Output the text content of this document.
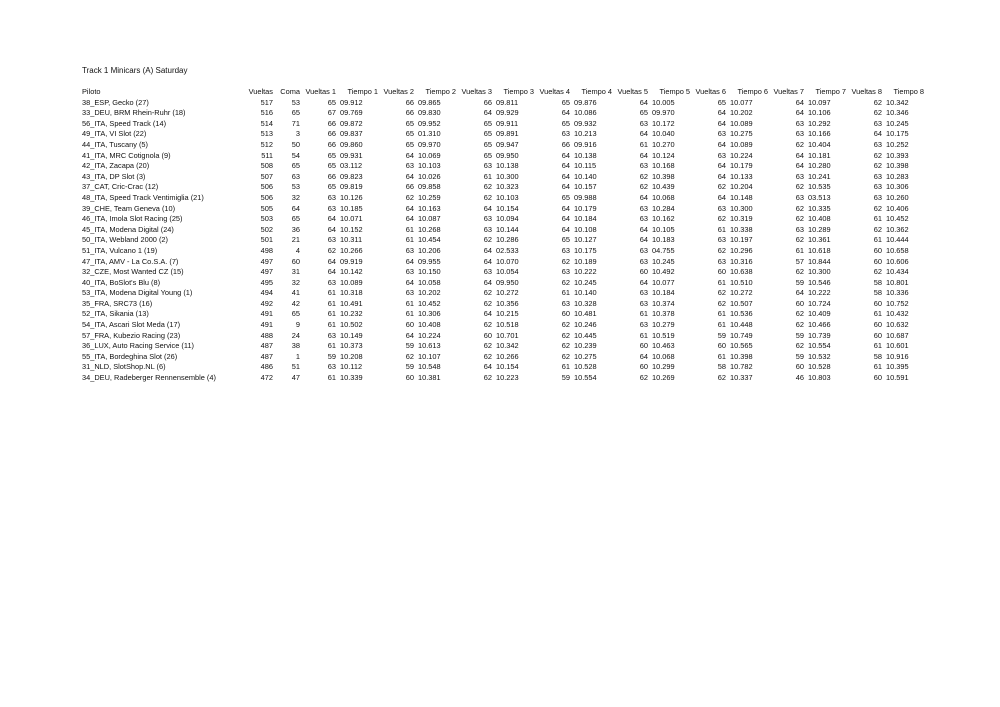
Track 1 Minicars (A) Saturday
Piloto	Vueltas	Coma	Vueltas 1	Tiempo 1	Vueltas 2	Tiempo 2	Vueltas 3	Tiempo 3	Vueltas 4	Tiempo 4	Vueltas 5	Tiempo 5	Vueltas 6	Tiempo 6	Vueltas 7	Tiempo 7	Vueltas 8	Tiempo 8
38_ESP, Gecko (27)	517	53	65	09.912	66	09.865	66	09.811	65	09.876	64	10.005	65	10.077	64	10.097	62	10.342
33_DEU, BRM Rhein-Ruhr (18)	516	65	67	09.769	66	09.830	64	09.929	64	10.086	65	09.970	64	10.202	64	10.106	62	10.346
56_ITA, Speed Track (14)	514	71	66	09.872	65	09.952	65	09.911	65	09.932	63	10.172	64	10.089	63	10.292	63	10.245
49_ITA, VI Slot (22)	513	3	66	09.837	65	01.310	65	09.891	63	10.213	64	10.040	63	10.275	63	10.166	64	10.175
44_ITA, Tuscany (5)	512	50	66	09.860	65	09.970	65	09.947	66	09.916	61	10.270	64	10.089	62	10.404	63	10.252
41_ITA, MRC Cotignola (9)	511	54	65	09.931	64	10.069	65	09.950	64	10.138	64	10.124	63	10.224	64	10.181	62	10.393
42_ITA, Zacapa (20)	508	65	65	03.112	63	10.103	63	10.138	64	10.115	63	10.168	64	10.179	64	10.280	62	10.398
43_ITA, DP Slot (3)	507	63	66	09.823	64	10.026	61	10.300	64	10.140	62	10.398	64	10.133	63	10.241	63	10.283
37_CAT, Cric-Crac (12)	506	53	65	09.819	66	09.858	62	10.323	64	10.157	62	10.439	62	10.204	62	10.535	63	10.306
48_ITA, Speed Track Ventimiglia (21)	506	32	63	10.126	62	10.259	62	10.103	65	09.988	64	10.068	64	10.148	63	03.513	63	10.260
39_CHE, Team Geneva (10)	505	64	63	10.185	64	10.163	64	10.154	64	10.179	63	10.284	63	10.300	62	10.335	62	10.406
46_ITA, Imola Slot Racing (25)	503	65	64	10.071	64	10.087	63	10.094	64	10.184	63	10.162	62	10.319	62	10.408	61	10.452
45_ITA, Modena Digital (24)	502	36	64	10.152	61	10.268	63	10.144	64	10.108	64	10.105	61	10.338	63	10.289	62	10.362
50_ITA, Webland 2000 (2)	501	21	63	10.311	61	10.454	62	10.286	65	10.127	64	10.183	63	10.197	62	10.361	61	10.444
51_ITA, Vulcano 1 (19)	498	4	62	10.266	63	10.206	64	02.533	63	10.175	63	04.755	62	10.296	61	10.618	60	10.658
47_ITA, AMV - La Co.S.A. (7)	497	60	64	09.919	64	09.955	64	10.070	62	10.189	63	10.245	63	10.316	57	10.844	60	10.606
32_CZE, Most Wanted CZ (15)	497	31	64	10.142	63	10.150	63	10.054	63	10.222	60	10.492	60	10.638	62	10.300	62	10.434
40_ITA, BoSlot's Blu (8)	495	32	63	10.089	64	10.058	64	09.950	62	10.245	64	10.077	61	10.510	59	10.546	58	10.801
53_ITA, Modena Digital Young (1)	494	41	61	10.318	63	10.202	62	10.272	61	10.140	63	10.184	62	10.272	64	10.222	58	10.336
35_FRA, SRC73 (16)	492	42	61	10.491	61	10.452	62	10.356	63	10.328	63	10.374	62	10.507	60	10.724	60	10.752
52_ITA, Sikania (13)	491	65	61	10.232	61	10.306	64	10.215	60	10.481	61	10.378	61	10.536	62	10.409	61	10.432
54_ITA, Ascari Slot Meda (17)	491	9	61	10.502	60	10.408	62	10.518	62	10.246	63	10.279	61	10.448	62	10.466	60	10.632
57_FRA, Kubezio Racing (23)	488	24	63	10.149	64	10.224	60	10.701	62	10.445	61	10.519	59	10.749	59	10.739	60	10.687
36_LUX, Auto Racing Service (11)	487	38	61	10.373	59	10.613	62	10.342	62	10.239	60	10.463	60	10.565	62	10.554	61	10.601
55_ITA, Bordeghina Slot (26)	487	1	59	10.208	62	10.107	62	10.266	62	10.275	64	10.068	61	10.398	59	10.532	58	10.916
31_NLD, SlotShop.NL (6)	486	51	63	10.112	59	10.548	64	10.154	61	10.528	60	10.299	58	10.782	60	10.528	61	10.395
34_DEU, Radeberger Rennensemble (4)	472	47	61	10.339	60	10.381	62	10.223	59	10.554	62	10.269	62	10.337	46	10.803	60	10.591
